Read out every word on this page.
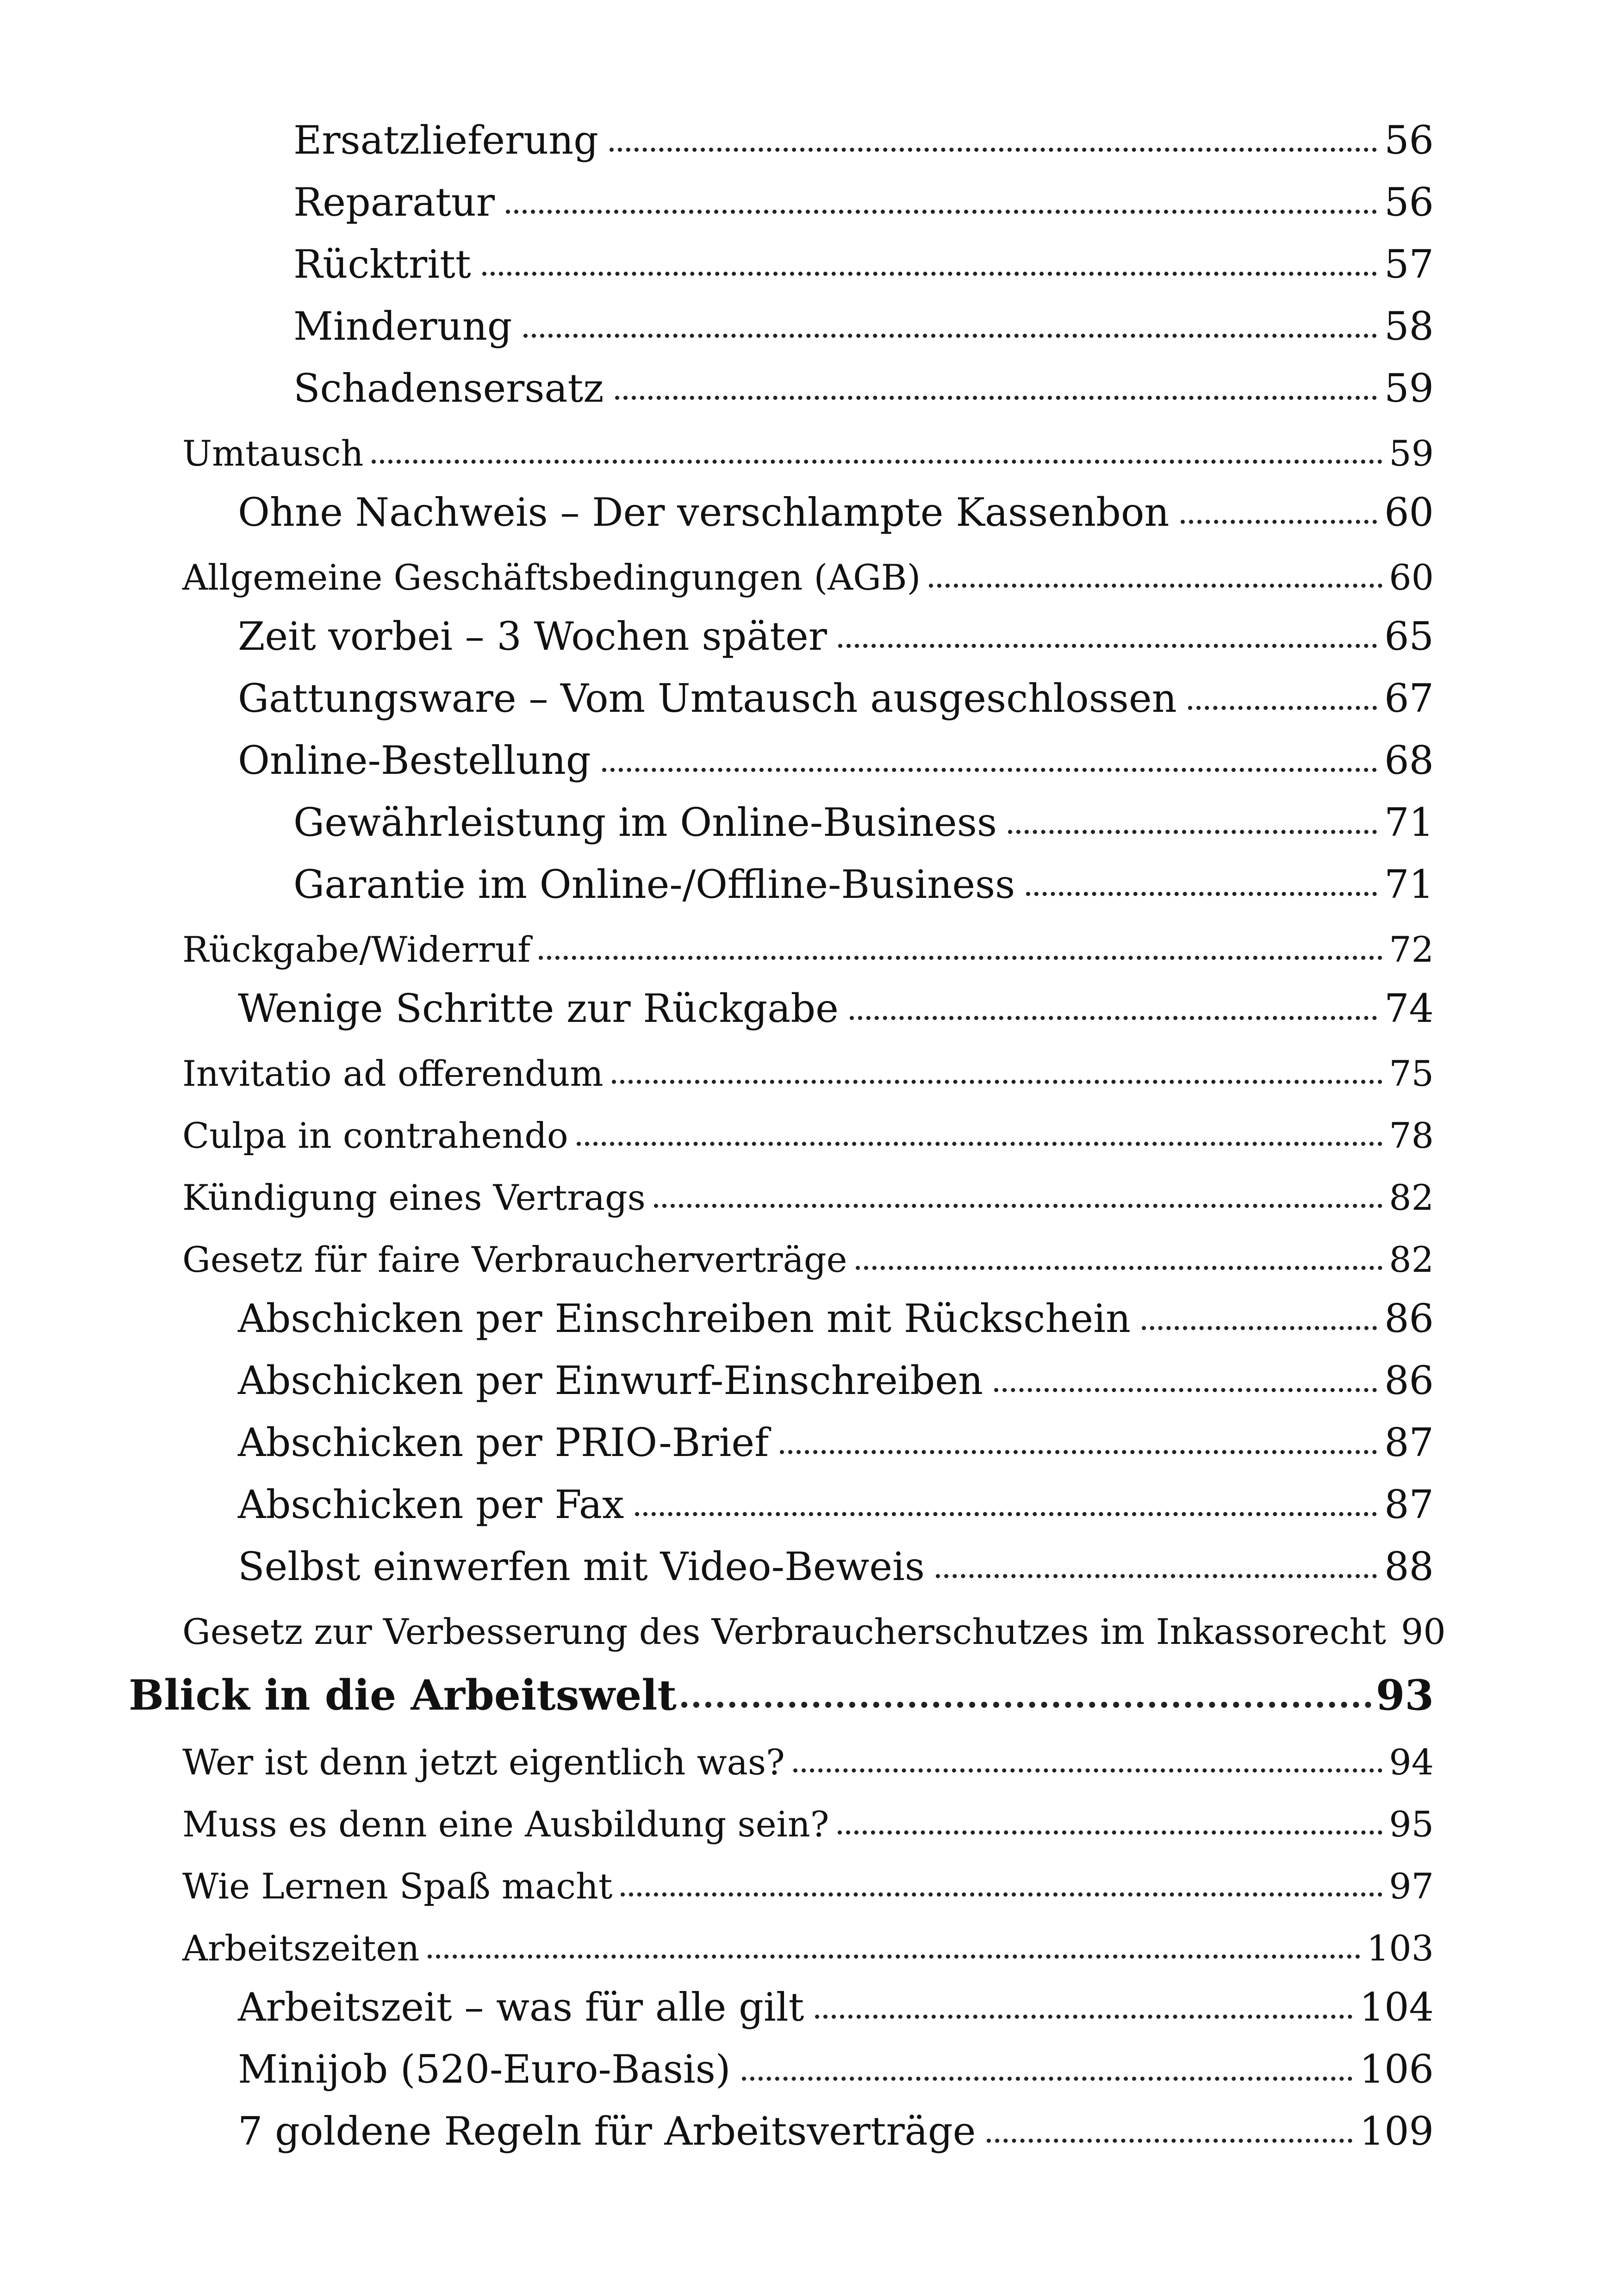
Ersatzlieferung	56
Reparatur	56
Rücktritt	57
Minderung	58
Schadensersatz	59
Umtausch	59
Ohne Nachweis – Der verschlampte Kassenbon	60
Allgemeine Geschäftsbedingungen (AGB)	60
Zeit vorbei – 3 Wochen später	65
Gattungsware – Vom Umtausch ausgeschlossen	67
Online-Bestellung	68
Gewährleistung im Online-Business	71
Garantie im Online-/Offline-Business	71
Rückgabe/Widerruf	72
Wenige Schritte zur Rückgabe	74
Invitatio ad offerendum	75
Culpa in contrahendo	78
Kündigung eines Vertrags	82
Gesetz für faire Verbraucherverträge	82
Abschicken per Einschreiben mit Rückschein	86
Abschicken per Einwurf-Einschreiben	86
Abschicken per PRIO-Brief	87
Abschicken per Fax	87
Selbst einwerfen mit Video-Beweis	88
Gesetz zur Verbesserung des Verbraucherschutzes im Inkassorecht 90
Blick in die Arbeitswelt	93
Wer ist denn jetzt eigentlich was?	94
Muss es denn eine Ausbildung sein?	95
Wie Lernen Spaß macht	97
Arbeitszeiten	103
Arbeitszeit – was für alle gilt	104
Minijob (520-Euro-Basis)	106
7 goldene Regeln für Arbeitsverträge	109
